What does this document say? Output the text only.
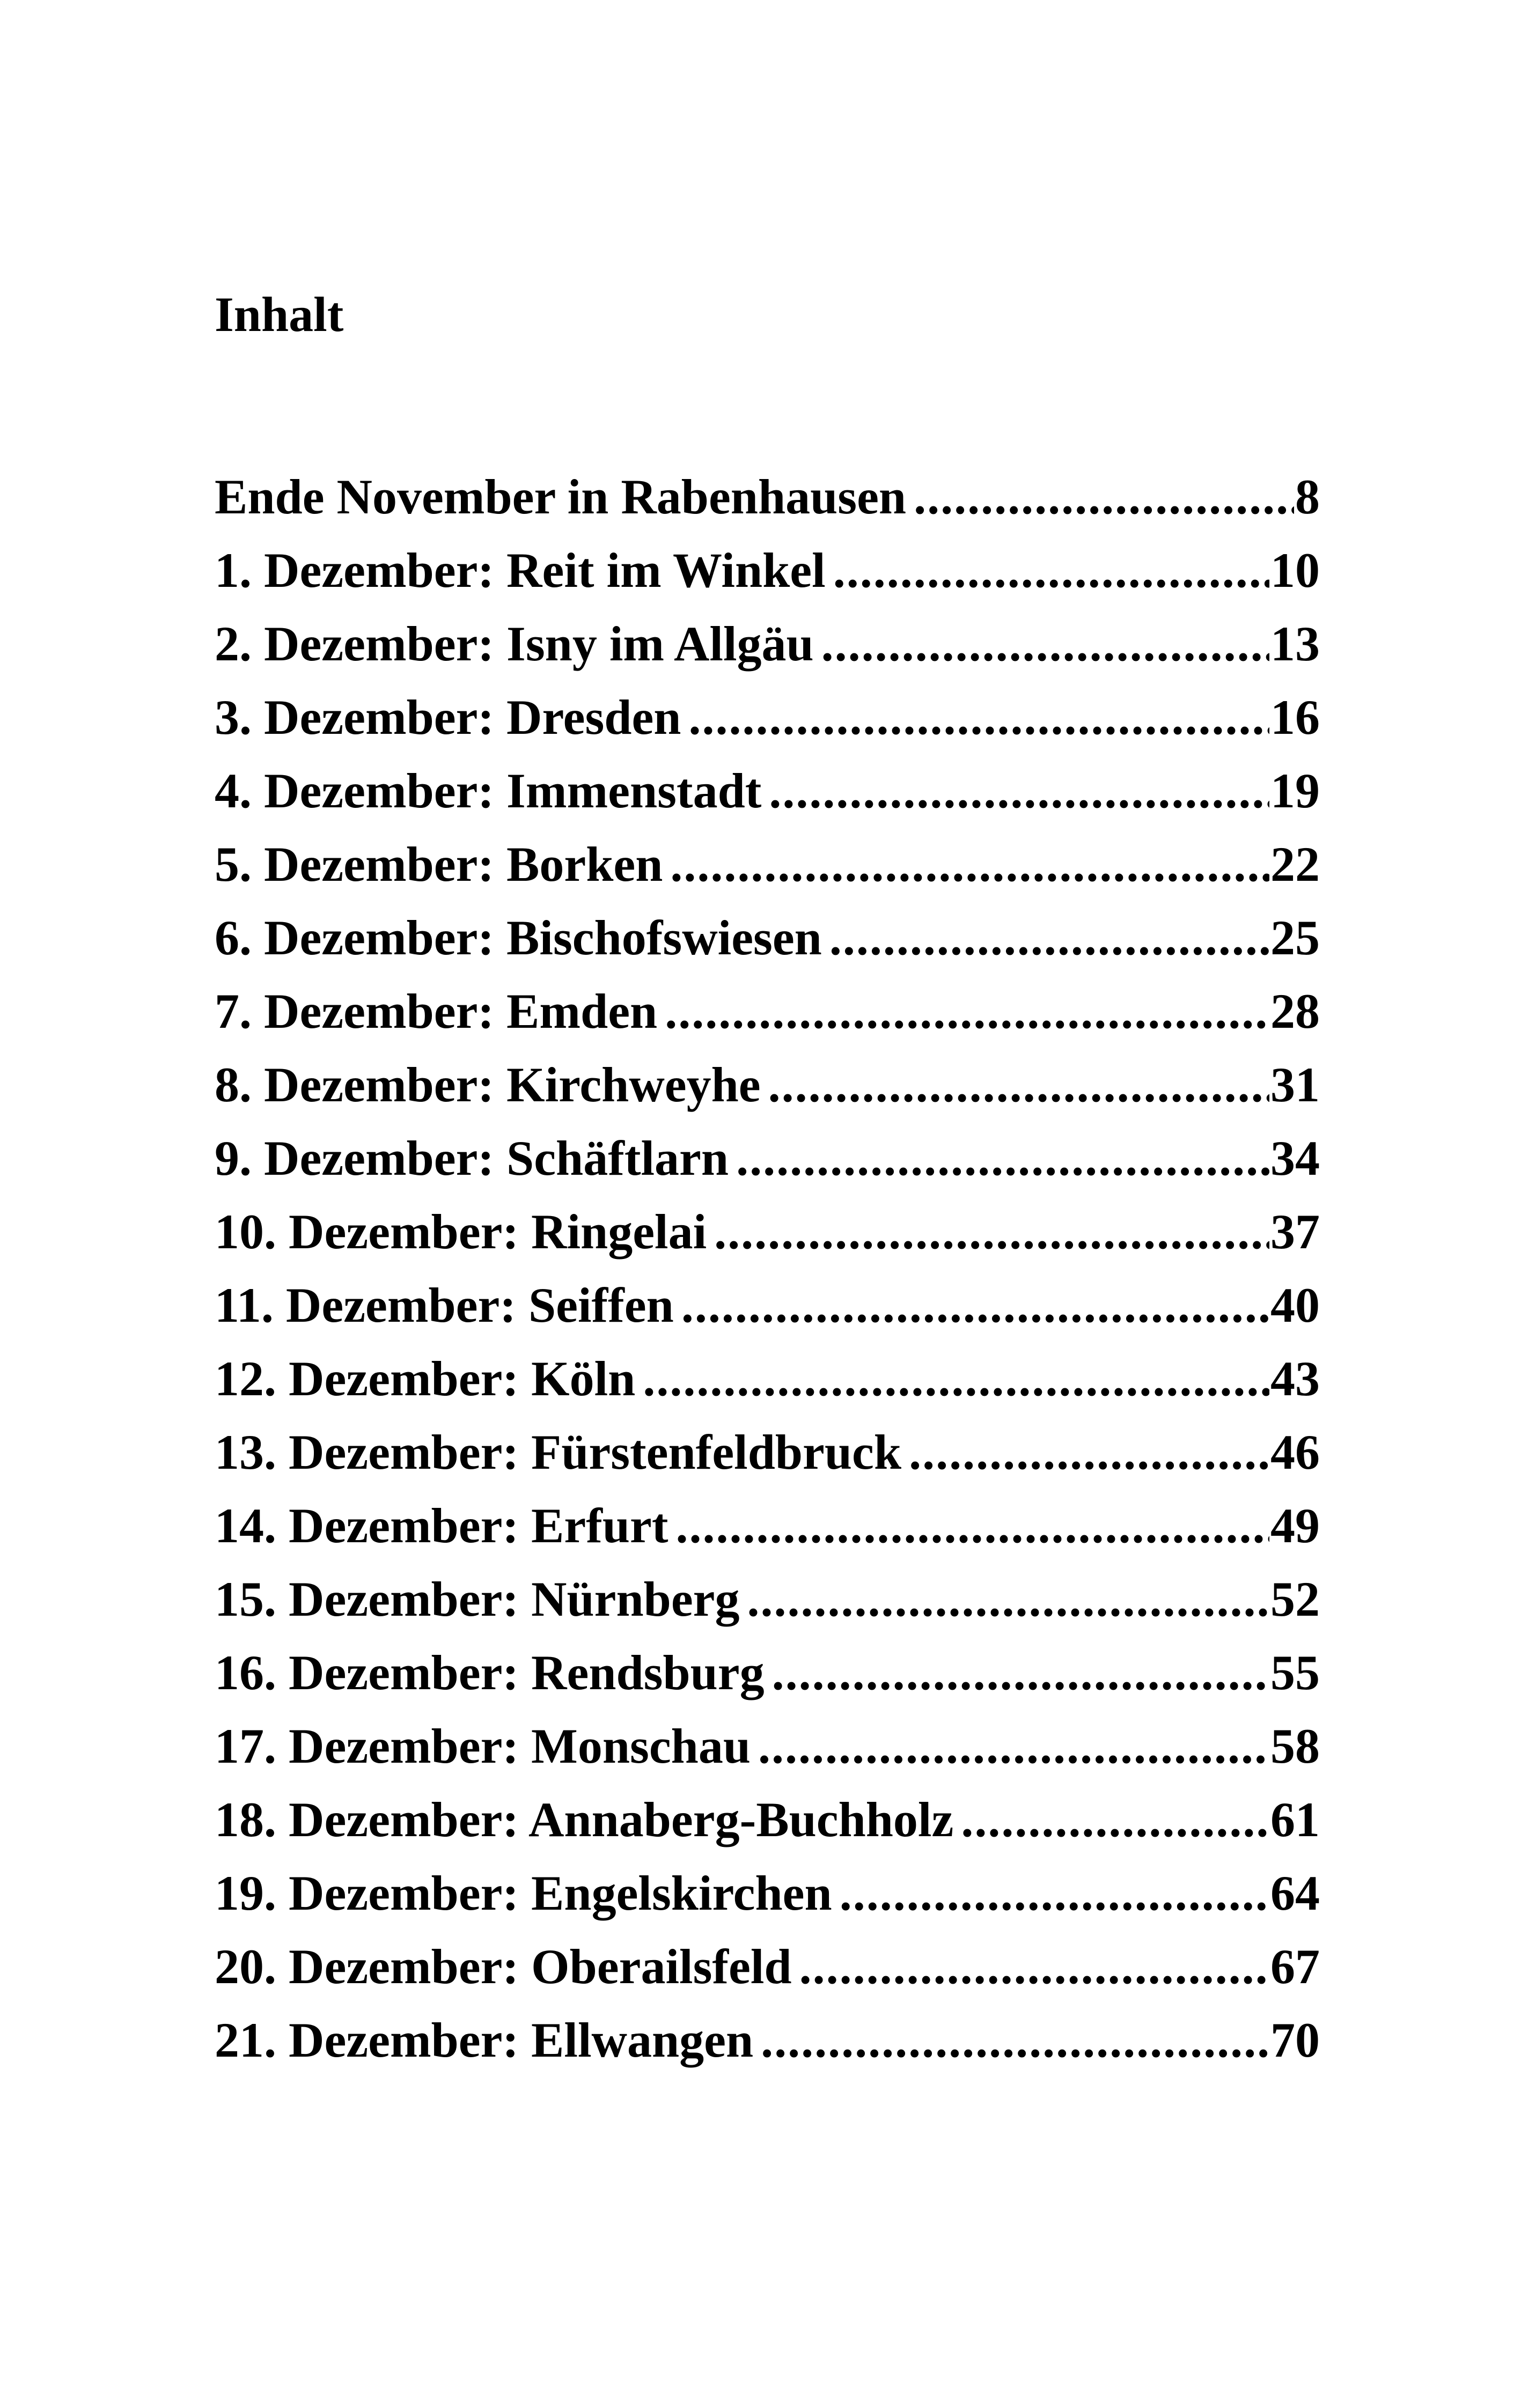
Inhalt
Ende November in Rabenhausen .....	8
1. Dezember: Reit im Winkel .....	10
2. Dezember: Isny im Allgäu .....	13
3. Dezember: Dresden .....	16
4. Dezember: Immenstadt .....	19
5. Dezember: Borken .....	22
6. Dezember: Bischofswiesen .....	25
7. Dezember: Emden .....	28
8. Dezember: Kirchweyhe .....	31
9. Dezember: Schäftlarn .....	34
10. Dezember: Ringelai .....	37
11. Dezember: Seiffen .....	40
12. Dezember: Köln .....	43
13. Dezember: Fürstenfeldbruck .....	46
14. Dezember: Erfurt .....	49
15. Dezember: Nürnberg .....	52
16. Dezember: Rendsburg .....	55
17. Dezember: Monschau .....	58
18. Dezember: Annaberg-Buchholz .....	61
19. Dezember: Engelskirchen .....	64
20. Dezember: Oberailsfeld .....	67
21. Dezember: Ellwangen .....	70
